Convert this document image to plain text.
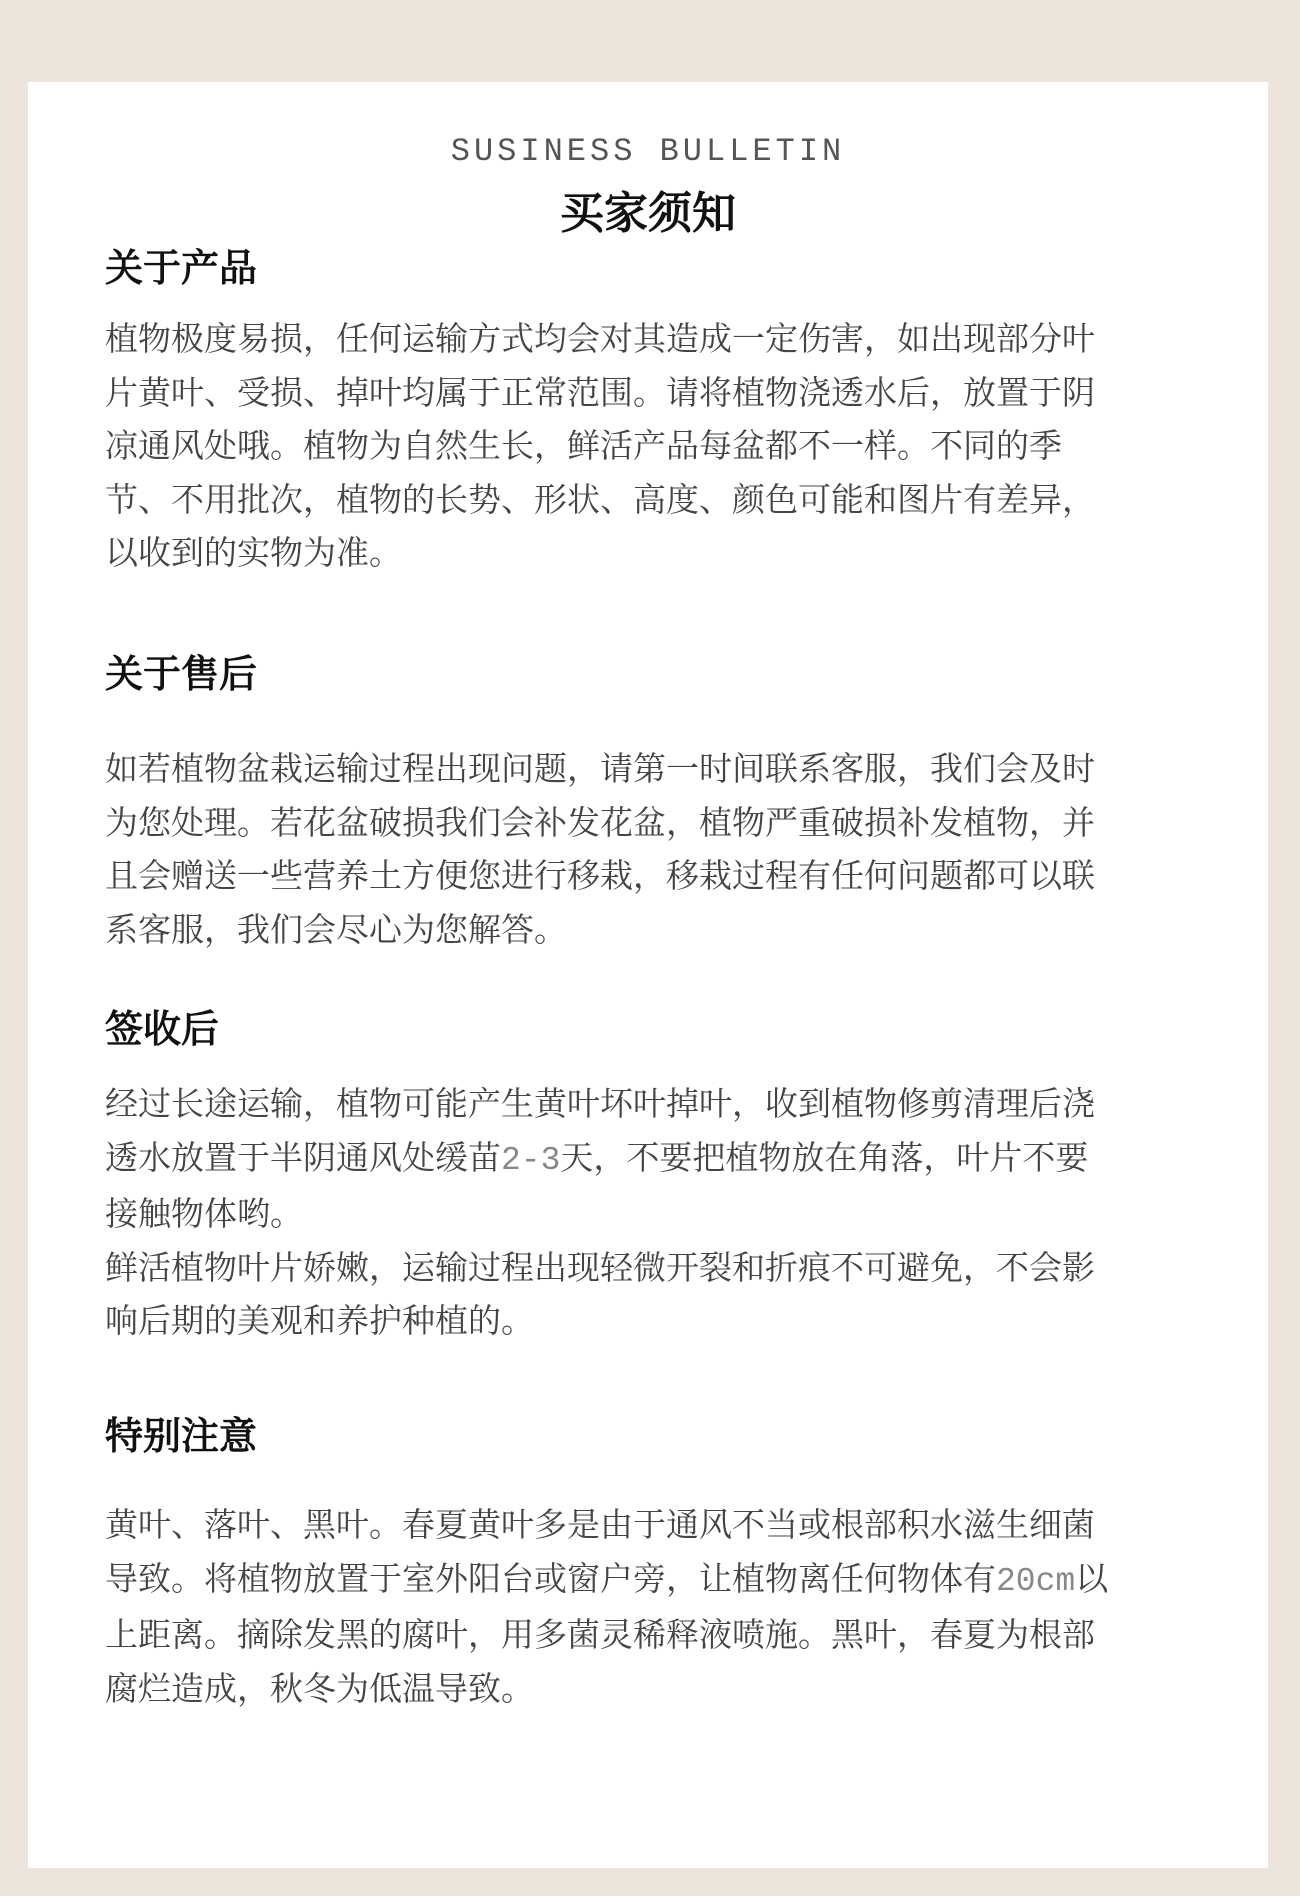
SUSINESS BULLETIN
买家须知
关于产品

植物极度易损，任何运输方式均会对其造成一定伤害，如出现部分叶片黄叶、受损、掉叶均属于正常范围。请将植物浇透水后，放置于阴凉通风处哦。植物为自然生长，鲜活产品每盆都不一样。不同的季节、不用批次，植物的长势、形状、高度、颜色可能和图片有差异，以收到的实物为准。

关于售后

如若植物盆栽运输过程出现问题，请第一时间联系客服，我们会及时为您处理。若花盆破损我们会补发花盆，植物严重破损补发植物，并且会赠送一些营养土方便您进行移栽，移栽过程有任何问题都可以联系客服，我们会尽心为您解答。

签收后

经过长途运输，植物可能产生黄叶坏叶掉叶，收到植物修剪清理后浇透水放置于半阴通风处缓苗2-3天，不要把植物放在角落，叶片不要接触物体哟。

鲜活植物叶片娇嫩，运输过程出现轻微开裂和折痕不可避免，不会影响后期的美观和养护种植的。

特别注意

黄叶、落叶、黑叶。春夏黄叶多是由于通风不当或根部积水滋生细菌导致。将植物放置于室外阳台或窗户旁，让植物离任何物体有20cm以上距离。摘除发黑的腐叶，用多菌灵稀释液喷施。黑叶，春夏为根部腐烂造成，秋冬为低温导致。
